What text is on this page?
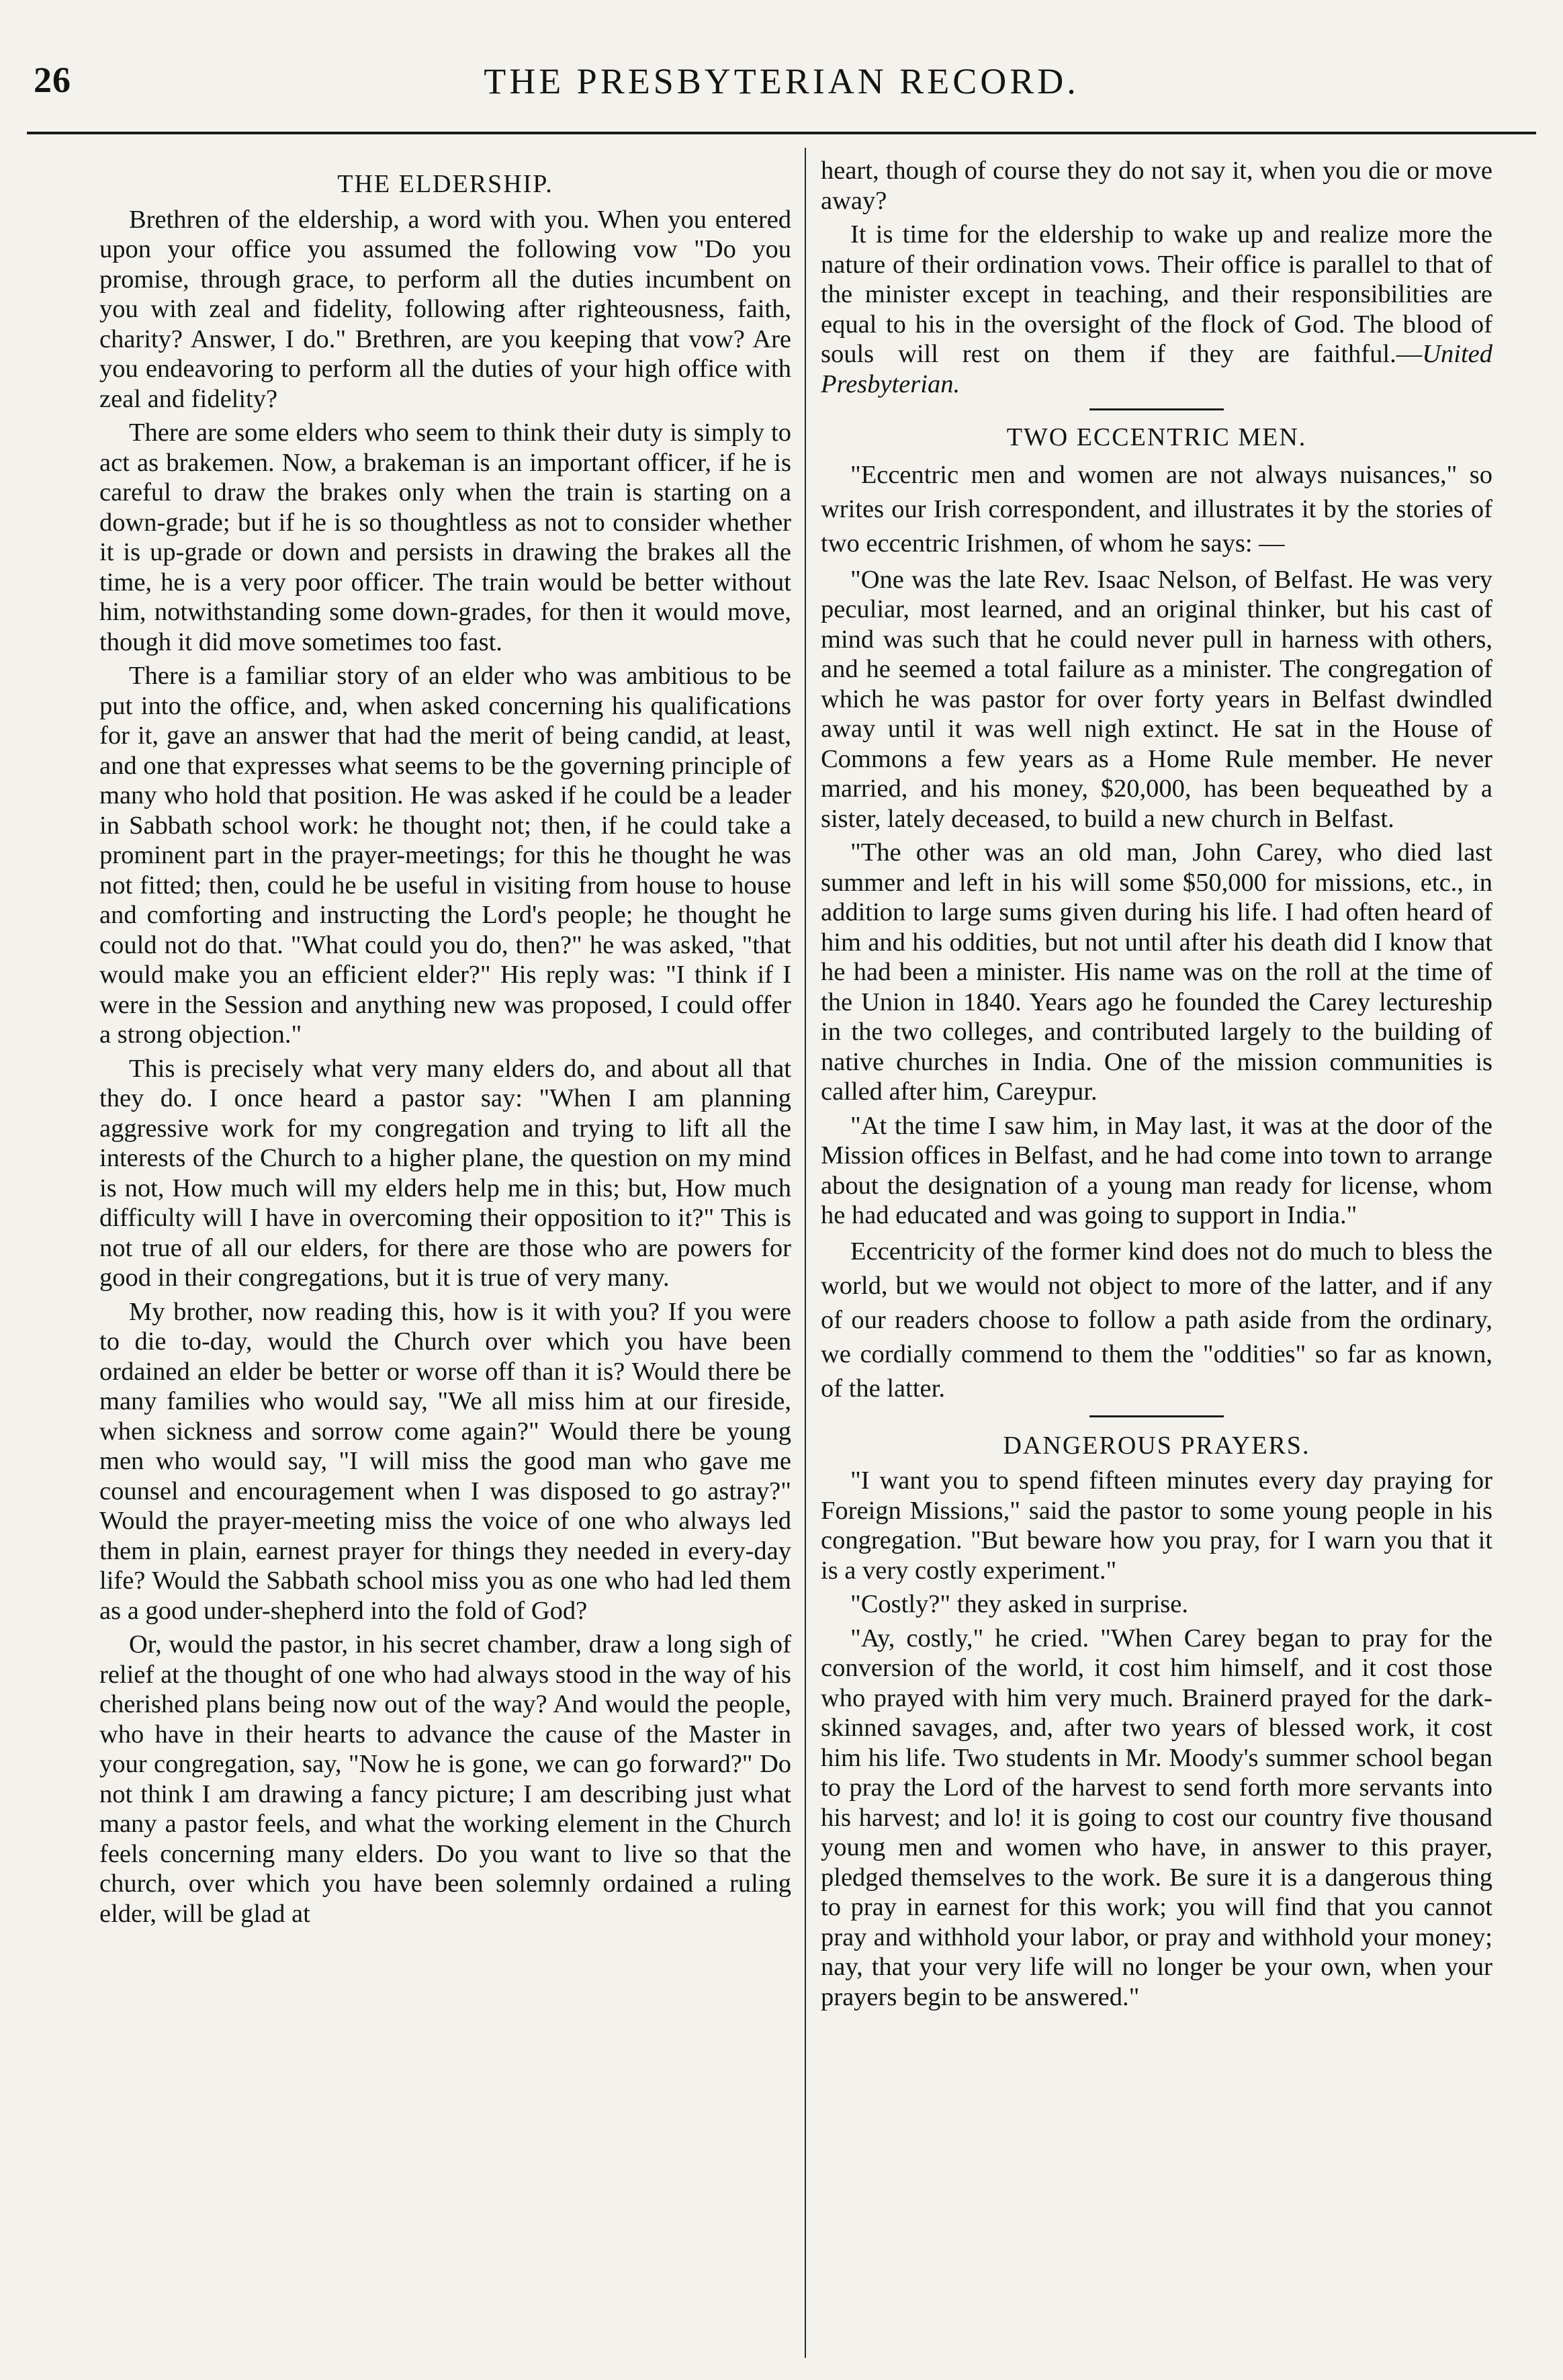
26	THE PRESBYTERIAN RECORD.
THE ELDERSHIP.

Brethren of the eldership, a word with you. When you entered upon your office you assumed the following vow "Do you promise, through grace, to perform all the duties incumbent on you with zeal and fidelity, following after righteousness, faith, charity? Answer, I do." Brethren, are you keeping that vow? Are you endeavoring to perform all the duties of your high office with zeal and fidelity?

There are some elders who seem to think their duty is simply to act as brakemen. Now, a brakeman is an important officer, if he is careful to draw the brakes only when the train is starting on a down-grade; but if he is so thoughtless as not to consider whether it is up-grade or down and persists in drawing the brakes all the time, he is a very poor officer. The train would be better without him, notwithstanding some down-grades, for then it would move, though it did move sometimes too fast.

There is a familiar story of an elder who was ambitious to be put into the office, and, when asked concerning his qualifications for it, gave an answer that had the merit of being candid, at least, and one that expresses what seems to be the governing principle of many who hold that position. He was asked if he could be a leader in Sabbath school work: he thought not; then, if he could take a prominent part in the prayer-meetings; for this he thought he was not fitted; then, could he be useful in visiting from house to house and comforting and instructing the Lord's people; he thought he could not do that. "What could you do, then?" he was asked, "that would make you an efficient elder?" His reply was: "I think if I were in the Session and anything new was proposed, I could offer a strong objection."

This is precisely what very many elders do, and about all that they do. I once heard a pastor say: "When I am planning aggressive work for my congregation and trying to lift all the interests of the Church to a higher plane, the question on my mind is not, How much will my elders help me in this; but, How much difficulty will I have in overcoming their opposition to it?" This is not true of all our elders, for there are those who are powers for good in their congregations, but it is true of very many.

My brother, now reading this, how is it with you? If you were to die to-day, would the Church over which you have been ordained an elder be better or worse off than it is? Would there be many families who would say, "We all miss him at our fireside, when sickness and sorrow come again?" Would there be young men who would say, "I will miss the good man who gave me counsel and encouragement when I was disposed to go astray?" Would the prayer-meeting miss the voice of one who always led them in plain, earnest prayer for things they needed in every-day life? Would the Sabbath school miss you as one who had led them as a good under-shepherd into the fold of God?

Or, would the pastor, in his secret chamber, draw a long sigh of relief at the thought of one who had always stood in the way of his cherished plans being now out of the way? And would the people, who have in their hearts to advance the cause of the Master in your congregation, say, "Now he is gone, we can go forward?" Do not think I am drawing a fancy picture; I am describing just what many a pastor feels, and what the working element in the Church feels concerning many elders. Do you want to live so that the church, over which you have been solemnly ordained a ruling elder, will be glad at

heart, though of course they do not say it, when you die or move away?

It is time for the eldership to wake up and realize more the nature of their ordination vows. Their office is parallel to that of the minister except in teaching, and their responsibilities are equal to his in the oversight of the flock of God. The blood of souls will rest on them if they are faithful.—United Presbyterian.

TWO ECCENTRIC MEN.

"Eccentric men and women are not always nuisances," so writes our Irish correspondent, and illustrates it by the stories of two eccentric Irishmen, of whom he says: —

"One was the late Rev. Isaac Nelson, of Belfast. He was very peculiar, most learned, and an original thinker, but his cast of mind was such that he could never pull in harness with others, and he seemed a total failure as a minister. The congregation of which he was pastor for over forty years in Belfast dwindled away until it was well nigh extinct. He sat in the House of Commons a few years as a Home Rule member. He never married, and his money, $20,000, has been bequeathed by a sister, lately deceased, to build a new church in Belfast.

"The other was an old man, John Carey, who died last summer and left in his will some $50,000 for missions, etc., in addition to large sums given during his life. I had often heard of him and his oddities, but not until after his death did I know that he had been a minister. His name was on the roll at the time of the Union in 1840. Years ago he founded the Carey lectureship in the two colleges, and contributed largely to the building of native churches in India. One of the mission communities is called after him, Careypur.

"At the time I saw him, in May last, it was at the door of the Mission offices in Belfast, and he had come into town to arrange about the designation of a young man ready for license, whom he had educated and was going to support in India."

Eccentricity of the former kind does not do much to bless the world, but we would not object to more of the latter, and if any of our readers choose to follow a path aside from the ordinary, we cordially commend to them the "oddities" so far as known, of the latter.

DANGEROUS PRAYERS.

"I want you to spend fifteen minutes every day praying for Foreign Missions," said the pastor to some young people in his congregation. "But beware how you pray, for I warn you that it is a very costly experiment."

"Costly?" they asked in surprise.

"Ay, costly," he cried. "When Carey began to pray for the conversion of the world, it cost him himself, and it cost those who prayed with him very much. Brainerd prayed for the dark-skinned savages, and, after two years of blessed work, it cost him his life. Two students in Mr. Moody's summer school began to pray the Lord of the harvest to send forth more servants into his harvest; and lo! it is going to cost our country five thousand young men and women who have, in answer to this prayer, pledged themselves to the work. Be sure it is a dangerous thing to pray in earnest for this work; you will find that you cannot pray and withhold your labor, or pray and withhold your money; nay, that your very life will no longer be your own, when your prayers begin to be answered."
